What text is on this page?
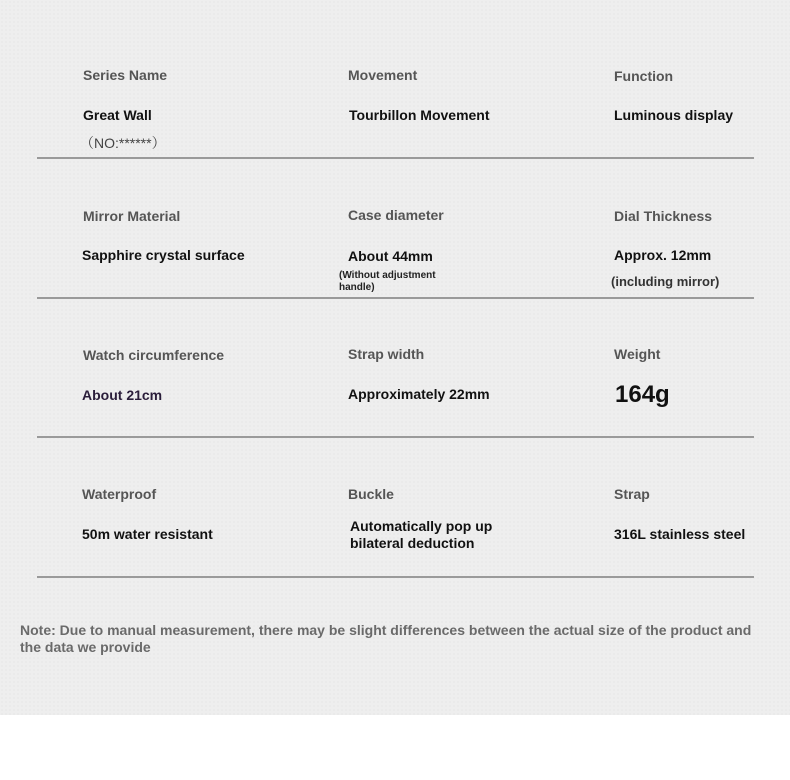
Series Name
Great Wall
（NO:******）
Movement
Tourbillon Movement
Function
Luminous display
Mirror Material
Sapphire crystal surface
Case diameter
About 44mm
(Without adjustment handle)
Dial Thickness
Approx. 12mm
(including mirror)
Watch circumference
About 21cm
Strap width
Approximately 22mm
Weight
164g
Waterproof
50m water resistant
Buckle
Automatically pop up bilateral deduction
Strap
316L stainless steel
Note: Due to manual measurement, there may be slight differences between the actual size of the product and the data we provide
